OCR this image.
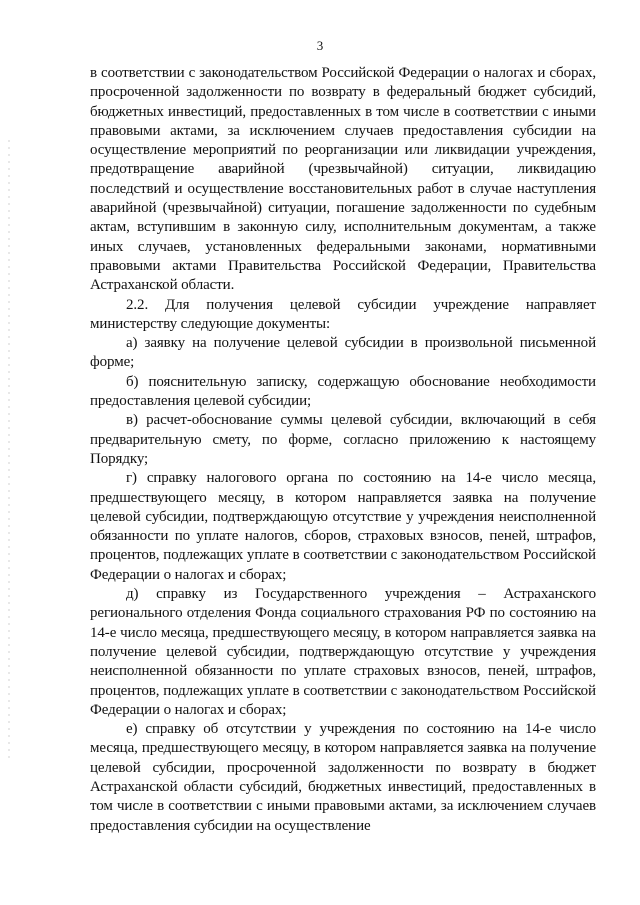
3

в соответствии с законодательством Российской Федерации о налогах и сборах, просроченной задолженности по возврату в федеральный бюджет субсидий, бюджетных инвестиций, предоставленных в том числе в соответствии с иными правовыми актами, за исключением случаев предоставления субсидии на осуществление мероприятий по реорганизации или ликвидации учреждения, предотвращение аварийной (чрезвычайной) ситуации, ликвидацию последствий и осуществление восстановительных работ в случае наступления аварийной (чрезвычайной) ситуации, погашение задолженности по судебным актам, вступившим в законную силу, исполнительным документам, а также иных случаев, установленных федеральными законами, нормативными правовыми актами Правительства Российской Федерации, Правительства Астраханской области.

2.2. Для получения целевой субсидии учреждение направляет министерству следующие документы:

а) заявку на получение целевой субсидии в произвольной письменной форме;

б) пояснительную записку, содержащую обоснование необходимости предоставления целевой субсидии;

в) расчет-обоснование суммы целевой субсидии, включающий в себя предварительную смету, по форме, согласно приложению к настоящему Порядку;

г) справку налогового органа по состоянию на 14-е число месяца, предшествующего месяцу, в котором направляется заявка на получение целевой субсидии, подтверждающую отсутствие у учреждения неисполненной обязанности по уплате налогов, сборов, страховых взносов, пеней, штрафов, процентов, подлежащих уплате в соответствии с законодательством Российской Федерации о налогах и сборах;

д) справку из Государственного учреждения – Астраханского регионального отделения Фонда социального страхования РФ по состоянию на 14-е число месяца, предшествующего месяцу, в котором направляется заявка на получение целевой субсидии, подтверждающую отсутствие у учреждения неисполненной обязанности по уплате страховых взносов, пеней, штрафов, процентов, подлежащих уплате в соответствии с законодательством Российской Федерации о налогах и сборах;

е) справку об отсутствии у учреждения по состоянию на 14-е число месяца, предшествующего месяцу, в котором направляется заявка на получение целевой субсидии, просроченной задолженности по возврату в бюджет Астраханской области субсидий, бюджетных инвестиций, предоставленных в том числе в соответствии с иными правовыми актами, за исключением случаев предоставления субсидии на осуществление
